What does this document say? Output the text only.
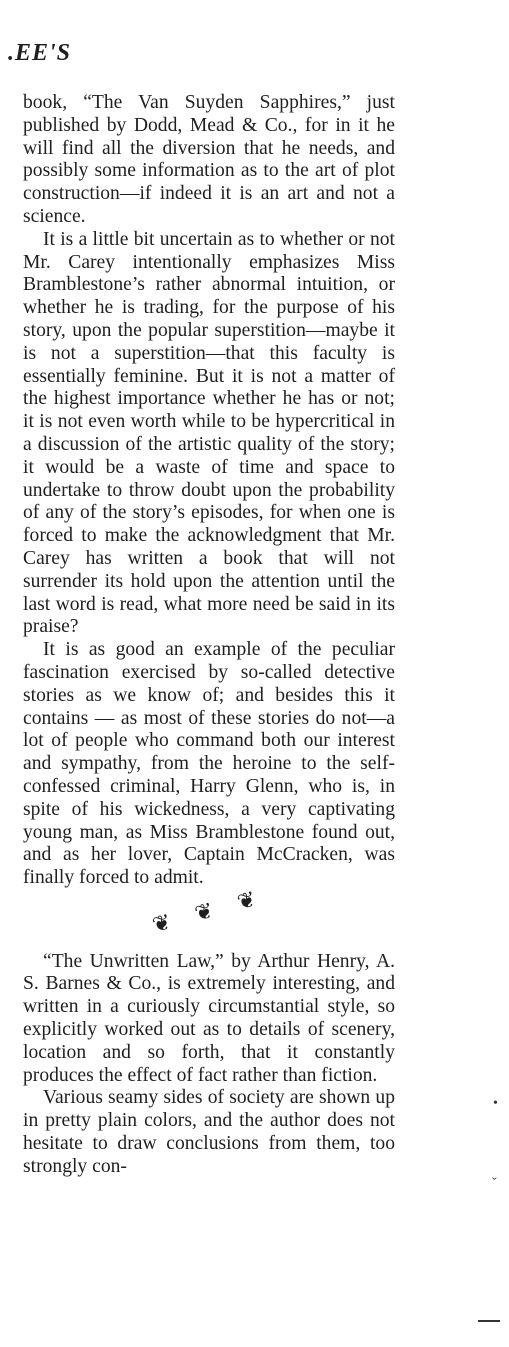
.EE'S

book, “The Van Suyden Sapphires,” just published by Dodd, Mead & Co., for in it he will find all the diversion that he needs, and possibly some information as to the art of plot construction—if indeed it is an art and not a science.

It is a little bit uncertain as to whether or not Mr. Carey intentionally emphasizes Miss Bramblestone’s rather abnormal intuition, or whether he is trading, for the purpose of his story, upon the popular superstition—maybe it is not a superstition—that this faculty is essentially feminine. But it is not a matter of the highest importance whether he has or not; it is not even worth while to be hypercritical in a discussion of the artistic quality of the story; it would be a waste of time and space to undertake to throw doubt upon the probability of any of the story’s episodes, for when one is forced to make the acknowledgment that Mr. Carey has written a book that will not surrender its hold upon the attention until the last word is read, what more need be said in its praise?

It is as good an example of the peculiar fascination exercised by so-called detective stories as we know of; and besides this it contains — as most of these stories do not—a lot of people who command both our interest and sympathy, from the heroine to the self-confessed criminal, Harry Glenn, who is, in spite of his wickedness, a very captivating young man, as Miss Bramblestone found out, and as her lover, Captain McCracken, was finally forced to admit.

❦ ❦ ❦

“The Unwritten Law,” by Arthur Henry, A. S. Barnes & Co., is extremely interesting, and written in a curiously circumstantial style, so explicitly worked out as to details of scenery, location and so forth, that it constantly produces the effect of fact rather than fiction.

Various seamy sides of society are shown up in pretty plain colors, and the author does not hesitate to draw conclusions from them, too strongly con-

•
ˇ
